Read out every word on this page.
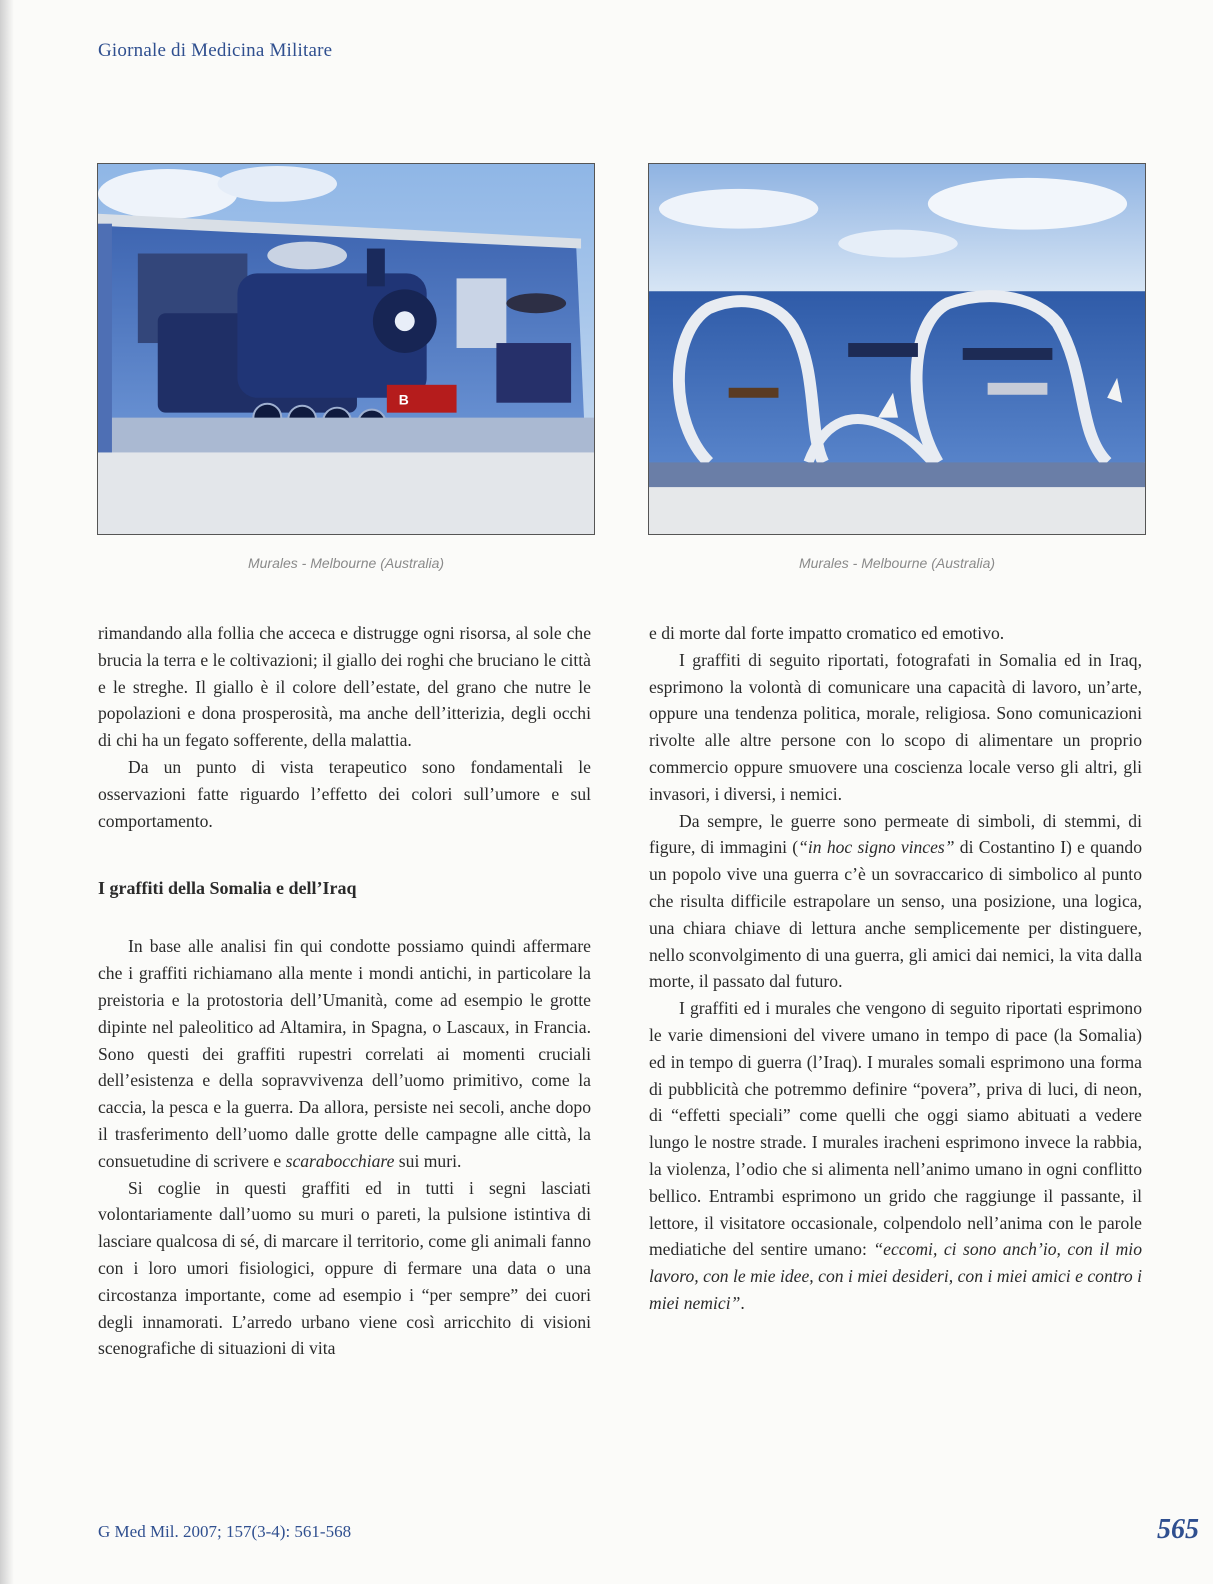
Giornale di Medicina Militare
B
Murales - Melbourne (Australia)	Murales - Melbourne (Australia)

rimandando alla follia che acceca e distrugge ogni risorsa, al sole che brucia la terra e le coltivazioni; il giallo dei roghi che bruciano le città e le streghe. Il giallo è il colore dell’estate, del grano che nutre le popolazioni e dona prosperosità, ma anche dell’itterizia, degli occhi di chi ha un fegato sofferente, della malattia.

Da un punto di vista terapeutico sono fondamentali le osservazioni fatte riguardo l’effetto dei colori sull’umore e sul comportamento.

I graffiti della Somalia e dell’Iraq

In base alle analisi fin qui condotte possiamo quindi affermare che i graffiti richiamano alla mente i mondi antichi, in particolare la preistoria e la protostoria dell’Umanità, come ad esempio le grotte dipinte nel paleolitico ad Altamira, in Spagna, o Lascaux, in Francia. Sono questi dei graffiti rupestri correlati ai momenti cruciali dell’esistenza e della sopravvivenza dell’uomo primitivo, come la caccia, la pesca e la guerra. Da allora, persiste nei secoli, anche dopo il trasferimento dell’uomo dalle grotte delle campagne alle città, la consuetudine di scrivere e scarabocchiare sui muri.

Si coglie in questi graffiti ed in tutti i segni lasciati volontariamente dall’uomo su muri o pareti, la pulsione istintiva di lasciare qualcosa di sé, di marcare il territorio, come gli animali fanno con i loro umori fisiologici, oppure di fermare una data o una circostanza importante, come ad esempio i “per sempre” dei cuori degli innamorati. L’arredo urbano viene così arricchito di visioni scenografiche di situazioni di vita

e di morte dal forte impatto cromatico ed emotivo.

I graffiti di seguito riportati, fotografati in Somalia ed in Iraq, esprimono la volontà di comunicare una capacità di lavoro, un’arte, oppure una tendenza politica, morale, religiosa. Sono comunicazioni rivolte alle altre persone con lo scopo di alimentare un proprio commercio oppure smuovere una coscienza locale verso gli altri, gli invasori, i diversi, i nemici.

Da sempre, le guerre sono permeate di simboli, di stemmi, di figure, di immagini (“in hoc signo vinces” di Costantino I) e quando un popolo vive una guerra c’è un sovraccarico di simbolico al punto che risulta difficile estrapolare un senso, una posizione, una logica, una chiara chiave di lettura anche semplicemente per distinguere, nello sconvolgimento di una guerra, gli amici dai nemici, la vita dalla morte, il passato dal futuro.

I graffiti ed i murales che vengono di seguito riportati esprimono le varie dimensioni del vivere umano in tempo di pace (la Somalia) ed in tempo di guerra (l’Iraq). I murales somali esprimono una forma di pubblicità che potremmo definire “povera”, priva di luci, di neon, di “effetti speciali” come quelli che oggi siamo abituati a vedere lungo le nostre strade. I murales iracheni esprimono invece la rabbia, la violenza, l’odio che si alimenta nell’animo umano in ogni conflitto bellico. Entrambi esprimono un grido che raggiunge il passante, il lettore, il visitatore occasionale, colpendolo nell’anima con le parole mediatiche del sentire umano: “eccomi, ci sono anch’io, con il mio lavoro, con le mie idee, con i miei desideri, con i miei amici e contro i miei nemici”.

G Med Mil. 2007; 157(3-4): 561-568	565
